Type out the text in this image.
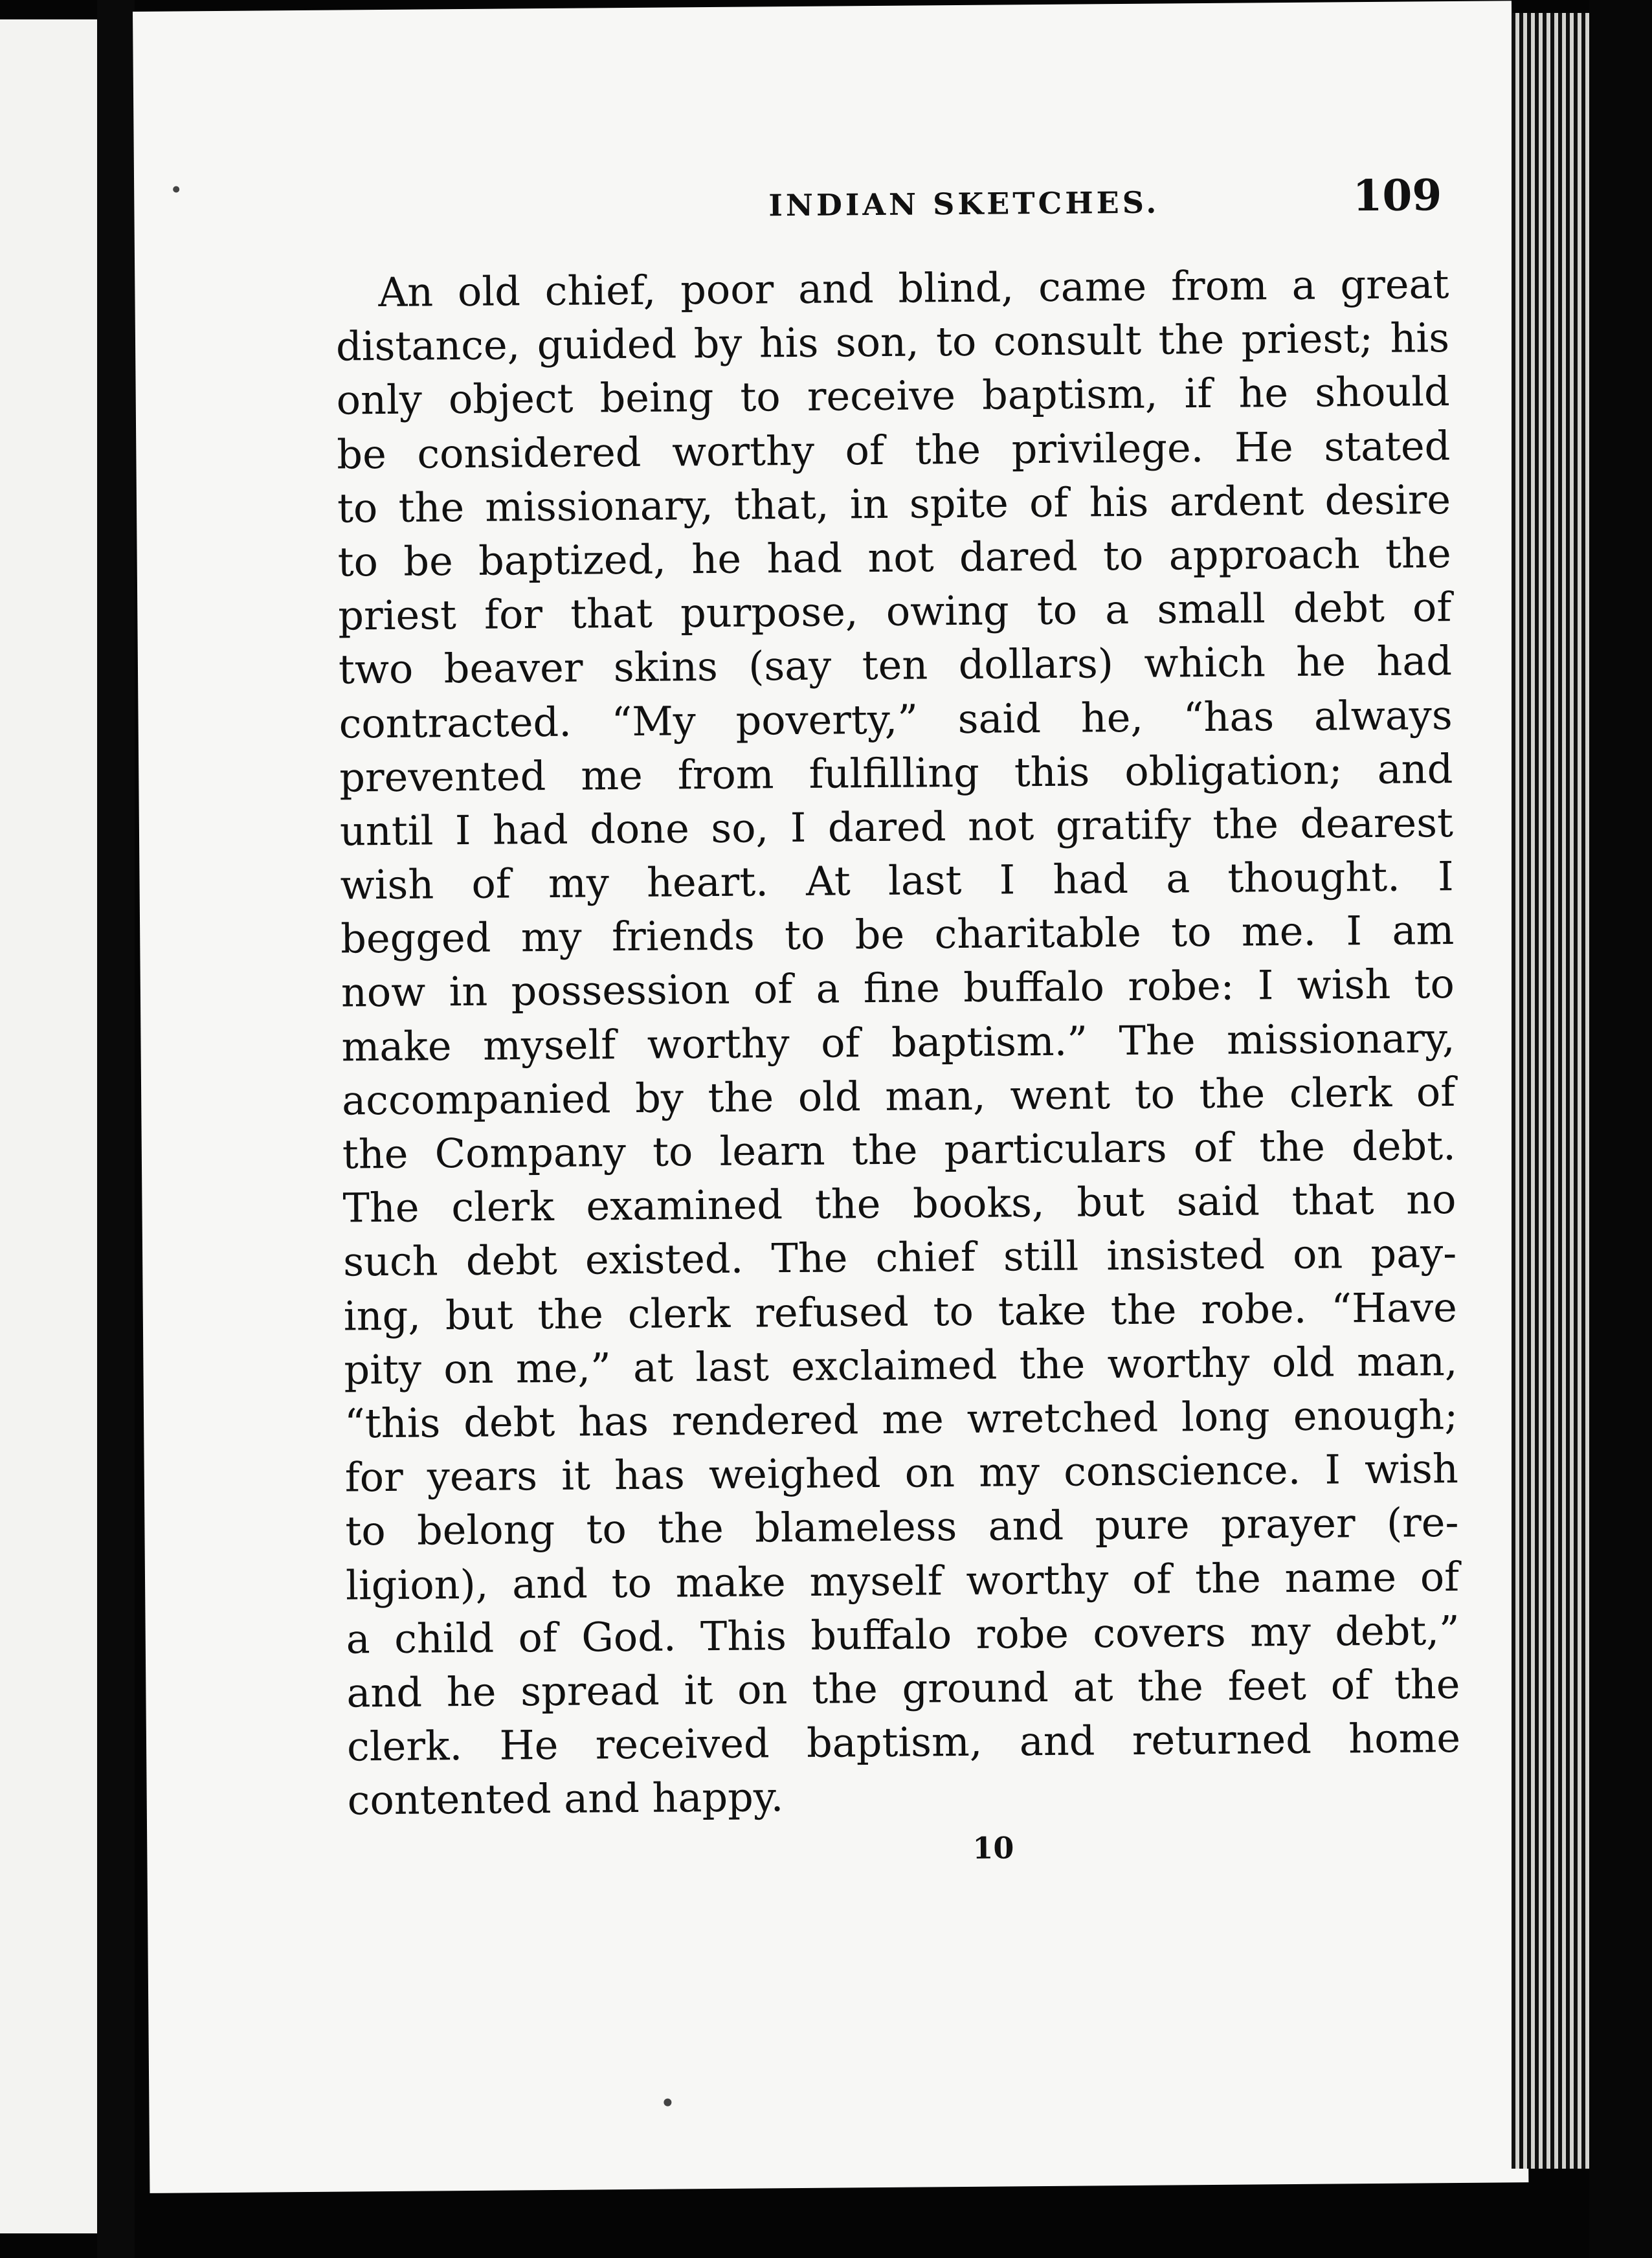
INDIAN SKETCHES.	109
An old chief, poor and blind, came from a great
distance, guided by his son, to consult the priest; his
only object being to receive baptism, if he should
be considered worthy of the privilege. He stated
to the missionary, that, in spite of his ardent desire
to be baptized, he had not dared to approach the
priest for that purpose, owing to a small debt of
two beaver skins (say ten dollars) which he had
contracted. “My poverty,” said he, “has always
prevented me from fulfilling this obligation; and
until I had done so, I dared not gratify the dearest
wish of my heart. At last I had a thought. I
begged my friends to be charitable to me. I am
now in possession of a fine buffalo robe: I wish to
make myself worthy of baptism.” The missionary,
accompanied by the old man, went to the clerk of
the Company to learn the particulars of the debt.
The clerk examined the books, but said that no
such debt existed. The chief still insisted on pay-
ing, but the clerk refused to take the robe. “Have
pity on me,” at last exclaimed the worthy old man,
“this debt has rendered me wretched long enough;
for years it has weighed on my conscience. I wish
to belong to the blameless and pure prayer (re-
ligion), and to make myself worthy of the name of
a child of God. This buffalo robe covers my debt,”
and he spread it on the ground at the feet of the
clerk. He received baptism, and returned home
contented and happy.
10
